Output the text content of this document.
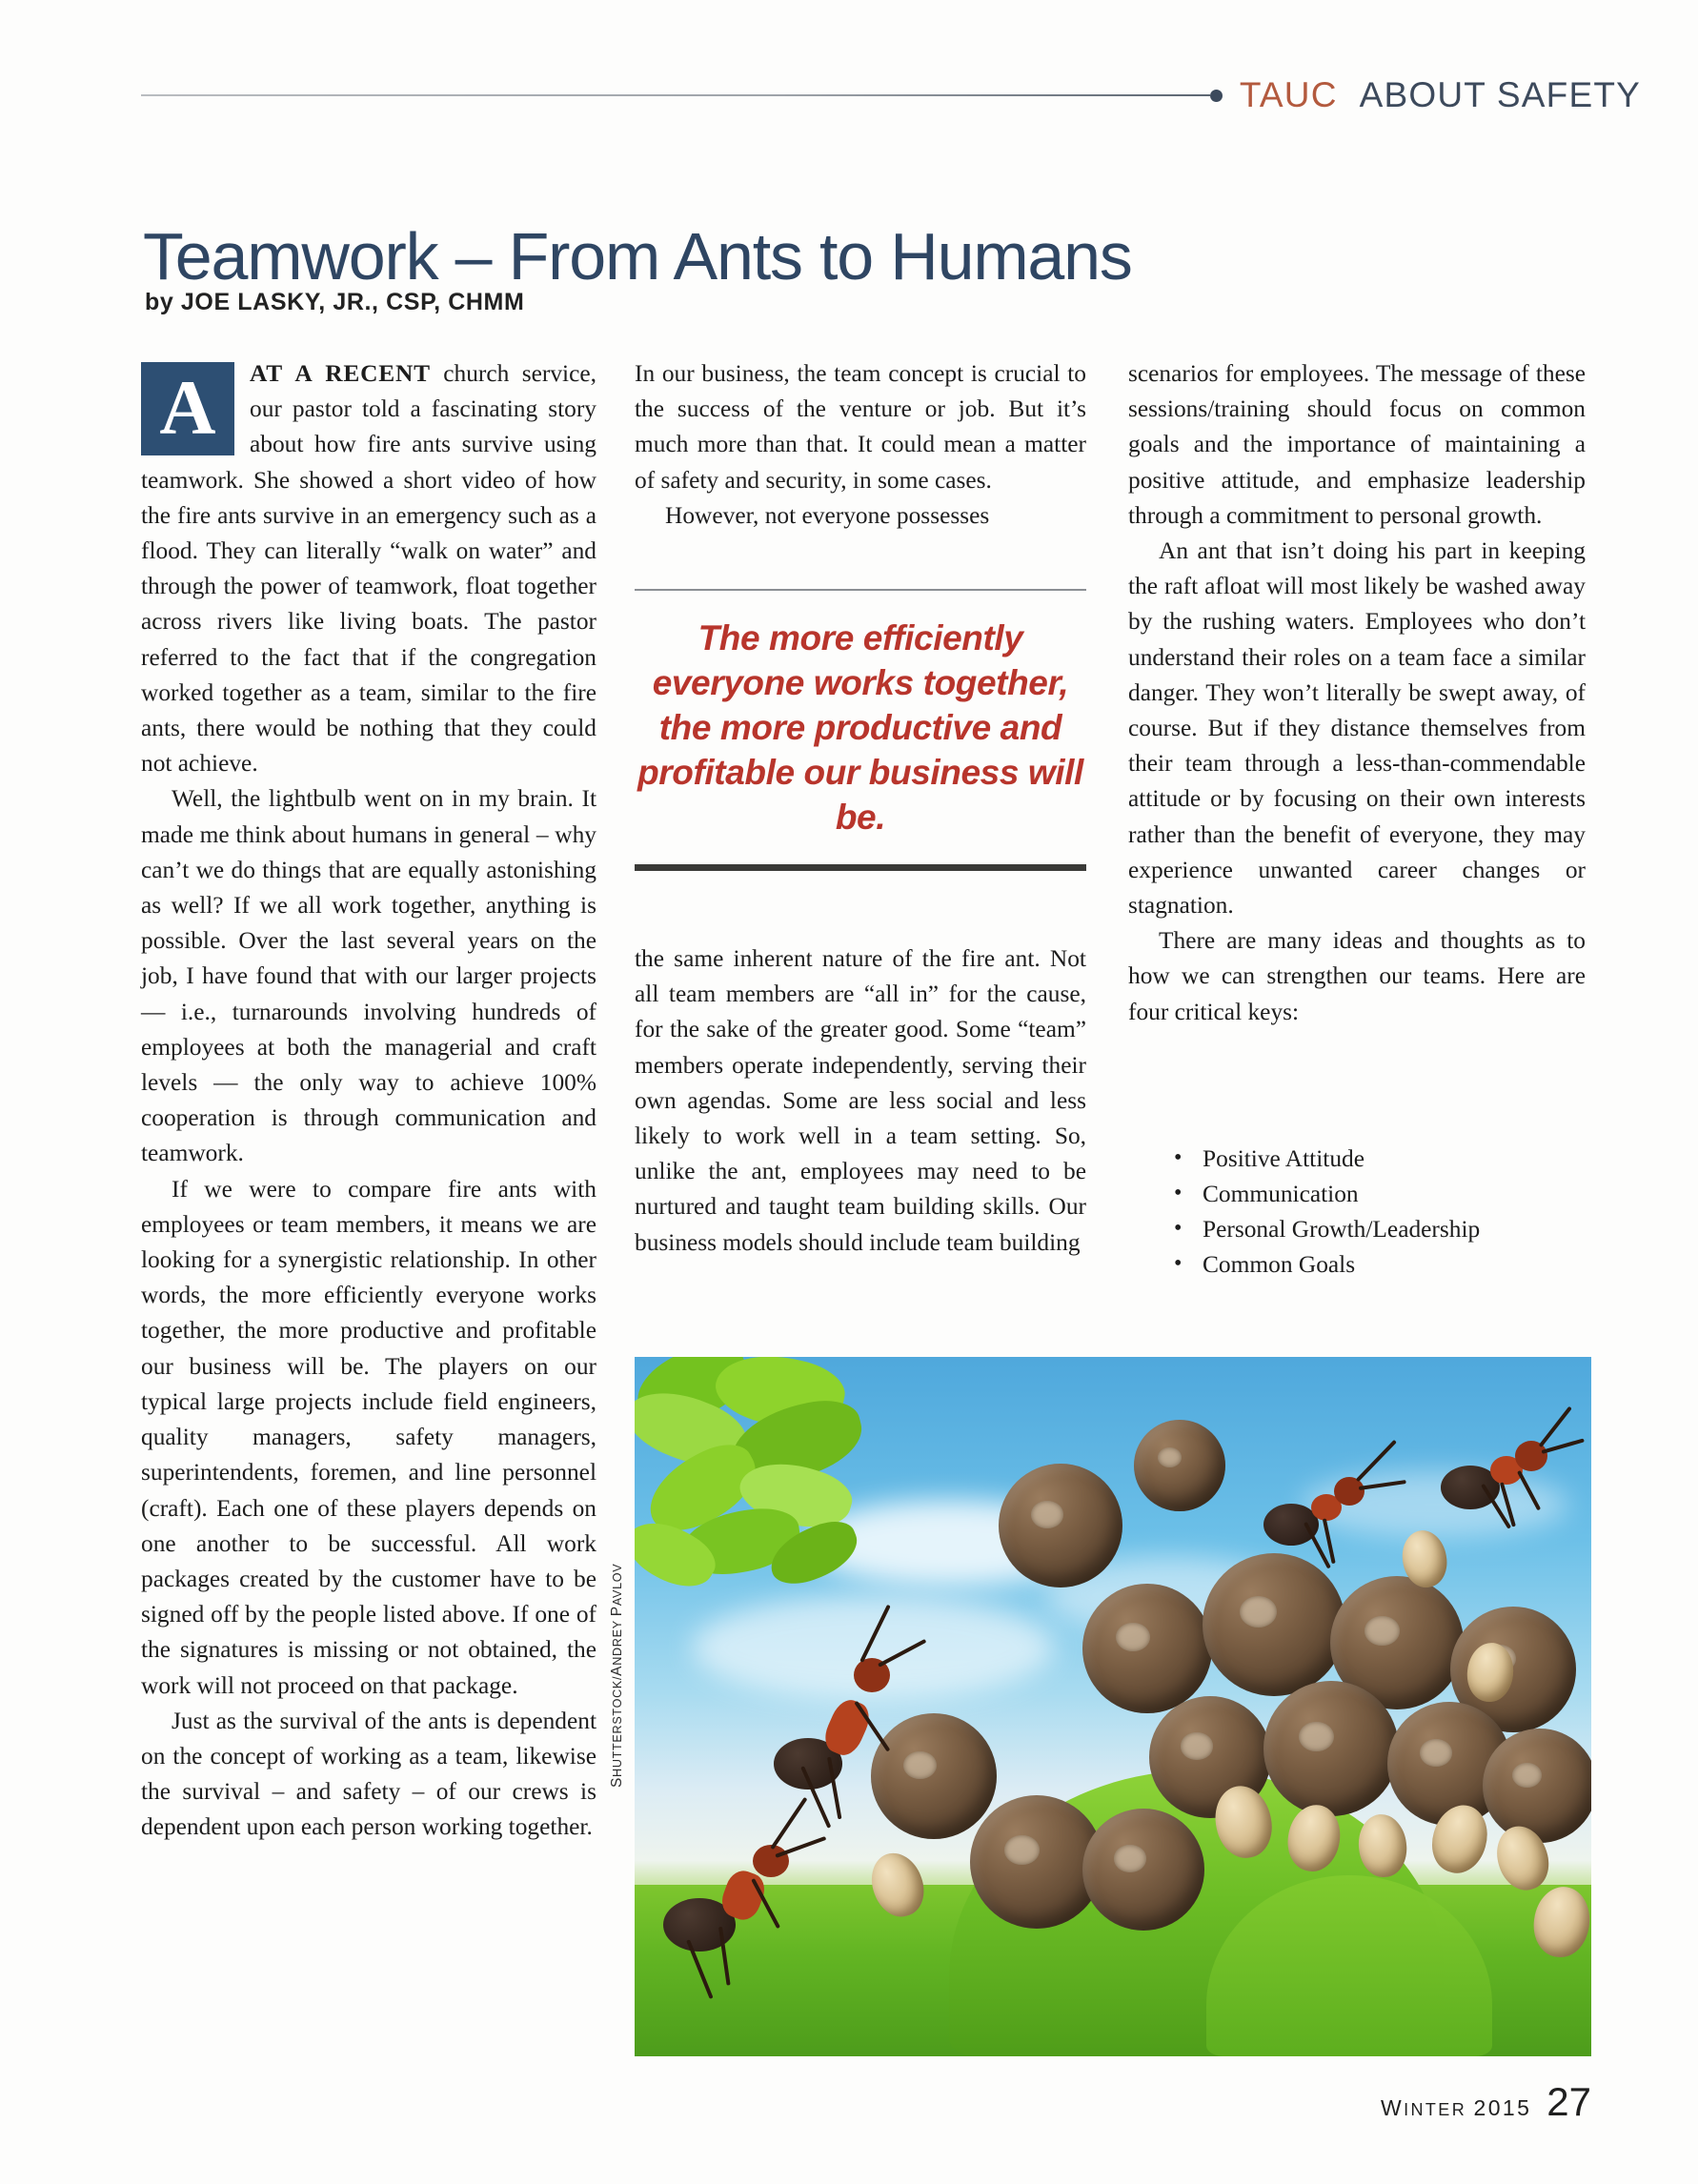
TAUC ABOUT SAFETY
Teamwork – From Ants to Humans
by JOE LASKY, JR., CSP, CHMM

A	AT A RECENT church service, our pastor told a fascinating story about how fire ants survive using teamwork. She showed a short video of how the fire ants survive in an emergency such as a flood. They can literally “walk on water” and through the power of teamwork, float together across rivers like living boats. The pastor referred to the fact that if the congregation worked together as a team, similar to the fire ants, there would be nothing that they could not achieve.

Well, the lightbulb went on in my brain. It made me think about humans in general – why can’t we do things that are equally astonishing as well? If we all work together, anything is possible. Over the last several years on the job, I have found that with our larger projects — i.e., turnarounds involving hundreds of employees at both the managerial and craft levels — the only way to achieve 100% cooperation is through communication and teamwork.

If we were to compare fire ants with employees or team members, it means we are looking for a synergistic relationship. In other words, the more efficiently everyone works together, the more productive and profitable our business will be. The players on our typical large projects include field engineers, quality managers, safety managers, superintendents, foremen, and line personnel (craft). Each one of these players depends on one another to be successful. All work packages created by the customer have to be signed off by the people listed above. If one of the signatures is missing or not obtained, the work will not proceed on that package.

Just as the survival of the ants is dependent on the concept of working as a team, likewise the survival – and safety – of our crews is dependent upon each person working together.

In our business, the team concept is crucial to the success of the venture or job. But it’s much more than that. It could mean a matter of safety and security, in some cases.

However, not everyone possesses

The more efficiently everyone works together, the more productive and profitable our business will be.

the same inherent nature of the fire ant. Not all team members are “all in” for the cause, for the sake of the greater good. Some “team” members operate independently, serving their own agendas. Some are less social and less likely to work well in a team setting. So, unlike the ant, employees may need to be nurtured and taught team building skills. Our business models should include team building

scenarios for employees. The message of these sessions/training should focus on common goals and the importance of maintaining a positive attitude, and emphasize leadership through a commitment to personal growth.

An ant that isn’t doing his part in keeping the raft afloat will most likely be washed away by the rushing waters. Employees who don’t understand their roles on a team face a similar danger. They won’t literally be swept away, of course. But if they distance themselves from their team through a less-than-commendable attitude or by focusing on their own interests rather than the benefit of everyone, they may experience unwanted career changes or stagnation.

There are many ideas and thoughts as to how we can strengthen our teams. Here are four critical keys:

• Positive Attitude
• Communication
• Personal Growth/Leadership
• Common Goals
SHUTTERSTOCK/ANDREY PAVLOV
WINTER 2015 27
